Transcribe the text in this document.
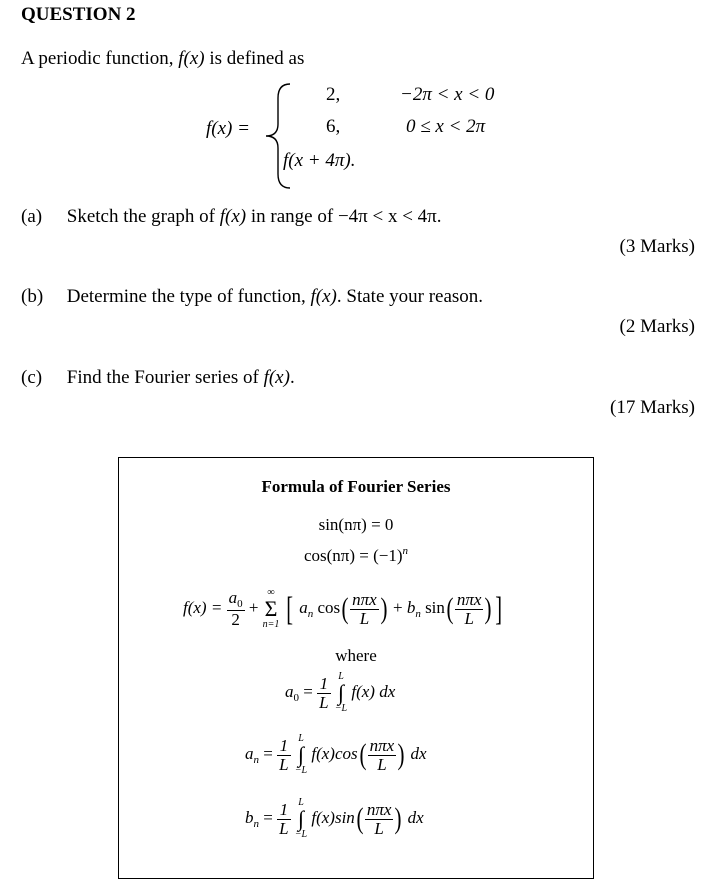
QUESTION 2
A periodic function, f(x) is defined as
f(x) =
2,	−2π < x < 0
6,	0 ≤ x < 2π
f(x + 4π).
(a) Sketch the graph of f(x) in range of −4π < x < 4π.
(3 Marks)
(b) Determine the type of function, f(x). State your reason.
(2 Marks)
(c) Find the Fourier series of f(x).
(17 Marks)
Formula of Fourier Series
sin(nπ) = 0
$\cos(n\pi) = (-1)^n$
$f(x) = \frac{a_0}{2}$ +
∞
Σ
n=1 [ $a_n$ $\cos( \frac{\text{nπx}}{L}$ ) + $b_n$ $\sin( \frac{\text{nπx}}{L}$ ) ]
where
$a_0 = \frac{1}{L}$
L
∫
−L
f(x) dx
$a_n = \frac{1}{L}$
L
∫
−L
$f(x)\cos( \frac{\text{nπx}}{L}$ ) dx
$b_n = \frac{1}{L}$
L
∫
−L
$f(x)\sin( \frac{\text{nπx}}{L}$ ) dx
